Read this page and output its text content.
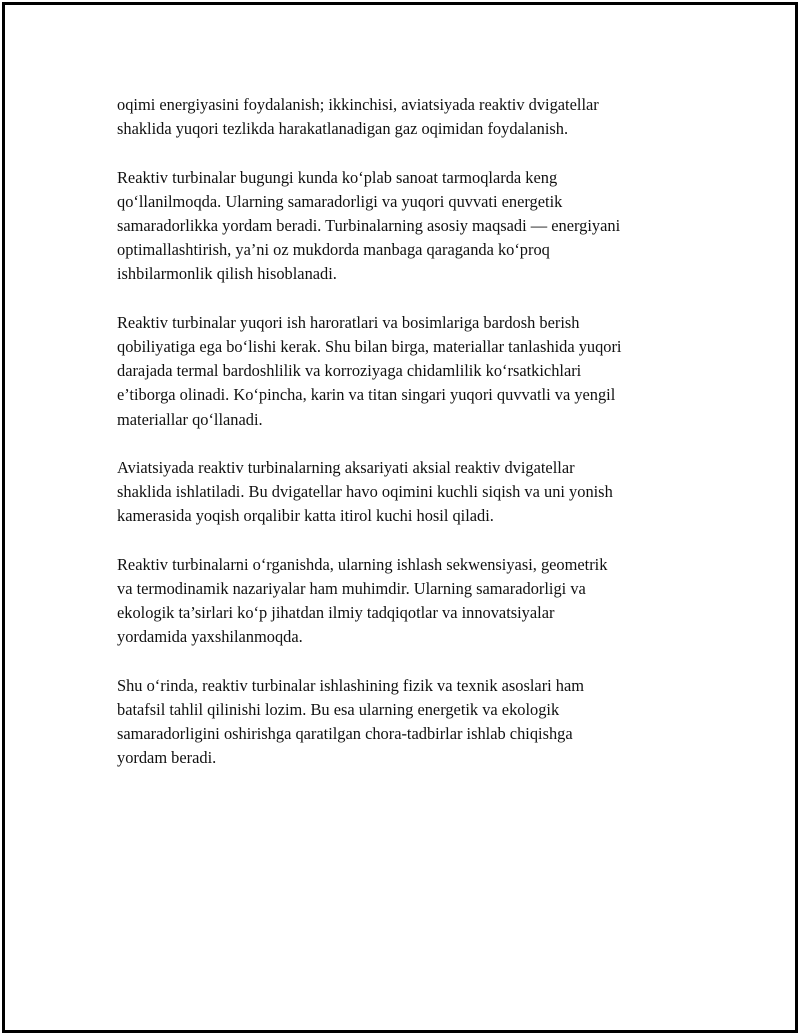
oqimi energiyasini foydalanish; ikkinchisi, aviatsiyada reaktiv dvigatellar
shaklida yuqori tezlikda harakatlanadigan gaz oqimidan foydalanish.

Reaktiv turbinalar bugungi kunda koʻplab sanoat tarmoqlarda keng
qoʻllanilmoqda. Ularning samaradorligi va yuqori quvvati energetik
samaradorlikka yordam beradi. Turbinalarning asosiy maqsadi — energiyani
optimallashtirish, ya’ni oz mukdorda manbaga qaraganda koʻproq
ishbilarmonlik qilish hisoblanadi.

Reaktiv turbinalar yuqori ish haroratlari va bosimlariga bardosh berish
qobiliyatiga ega boʻlishi kerak. Shu bilan birga, materiallar tanlashida yuqori
darajada termal bardoshlilik va korroziyaga chidamlilik koʻrsatkichlari
e’tiborga olinadi. Koʻpincha, karin va titan singari yuqori quvvatli va yengil
materiallar qoʻllanadi.

Aviatsiyada reaktiv turbinalarning aksariyati aksial reaktiv dvigatellar
shaklida ishlatiladi. Bu dvigatellar havo oqimini kuchli siqish va uni yonish
kamerasida yoqish orqalibir katta itirol kuchi hosil qiladi.

Reaktiv turbinalarni oʻrganishda, ularning ishlash sekwensiyasi, geometrik
va termodinamik nazariyalar ham muhimdir. Ularning samaradorligi va
ekologik ta’sirlari koʻp jihatdan ilmiy tadqiqotlar va innovatsiyalar
yordamida yaxshilanmoqda.

Shu oʻrinda, reaktiv turbinalar ishlashining fizik va texnik asoslari ham
batafsil tahlil qilinishi lozim. Bu esa ularning energetik va ekologik
samaradorligini oshirishga qaratilgan chora-tadbirlar ishlab chiqishga
yordam beradi.
